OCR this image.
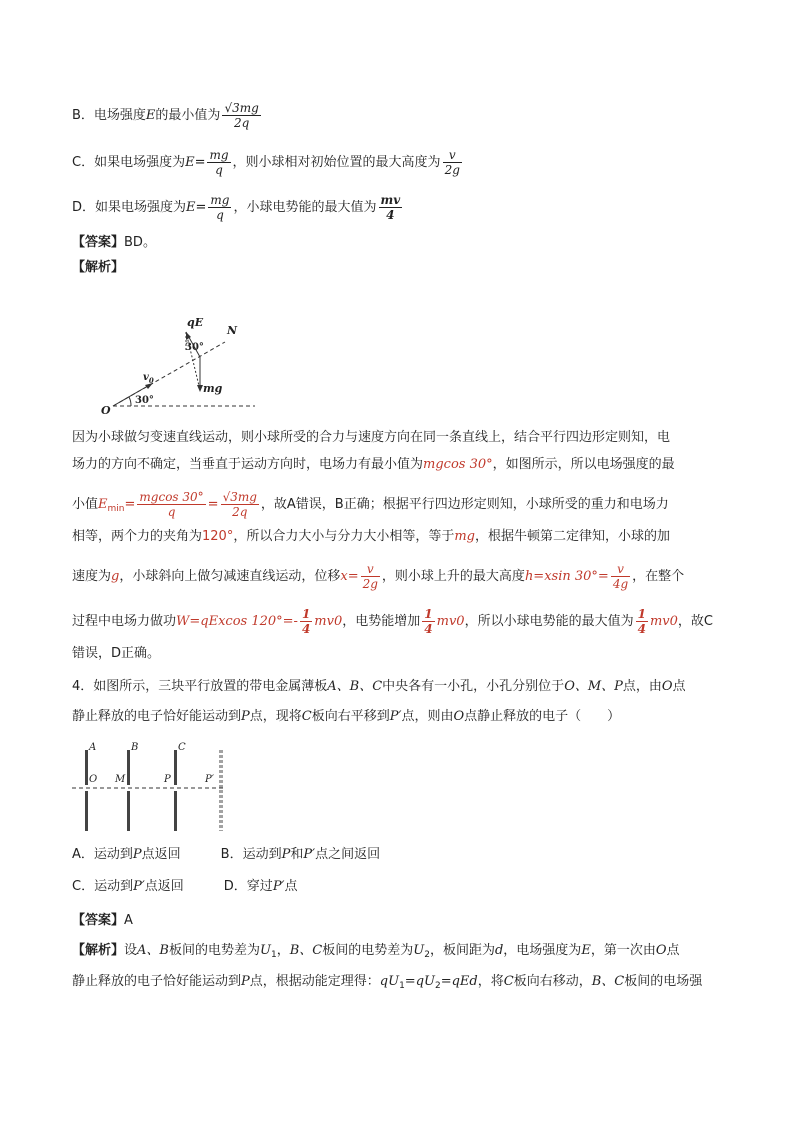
B．电场强度E的最小值为 $\frac{√3mg}{2q}$
C．如果电场强度为$E= \frac{mg}{q}$ ，则小球相对初始位置的最大高度为 $\frac{v}{2g}$
D．如果电场强度为$E= \frac{mg}{q}$ ，小球电势能的最大值为 $\frac{mv}{4}$
【答案】BD。
【解析】
qE
N
30°
$v_0$
mg
O
30°
因为小球做匀变速直线运动，则小球所受的合力与速度方向在同一条直线上，结合平行四边形定则知，电
场力的方向不确定，当垂直于运动方向时，电场力有最小值为mgcos 30°，如图所示，所以电场强度的最
小值$E_{min}= \frac{mgcos 30^\circ}{q} = \frac{√3mg}{2q}$ ，故A错误，B正确；根据平行四边形定则知，小球所受的重力和电场力
相等，两个力的夹角为120°，所以合力大小与分力大小相等，等于mg，根据牛顿第二定律知，小球的加
速度为g，小球斜向上做匀减速直线运动，位移$x= \frac{v}{2g}$ ，则小球上升的最大高度h=xsin $30^\circ= \frac{v}{4g}$ ，在整个
过程中电场力做功W=qExcos $120^\circ=- \frac{1}{4} mv0$，电势能增加 $\frac{1}{4} mv0$，所以小球电势能的最大值为 $\frac{1}{4} mv0$，故C
错误，D正确。
4．如图所示，三块平行放置的带电金属薄板A、B、C中央各有一小孔，小孔分别位于O、M、P点，由O点
静止释放的电子恰好能运动到P点，现将C板向右平移到P′点，则由O点静止释放的电子（　　）
A	B	C
O M	P	P′
A．运动到P点返回	B．运动到P和P′点之间返回
C．运动到P′点返回	D．穿过P′点
【答案】A
【解析】设A、B板间的电势差为$U_1$，B、C板间的电势差为$U_2$，板间距为d，电场强度为E，第一次由O点
静止释放的电子恰好能运动到P点，根据动能定理得：$qU_1=qU_2=qEd$，将C板向右移动，B、C板间的电场强
